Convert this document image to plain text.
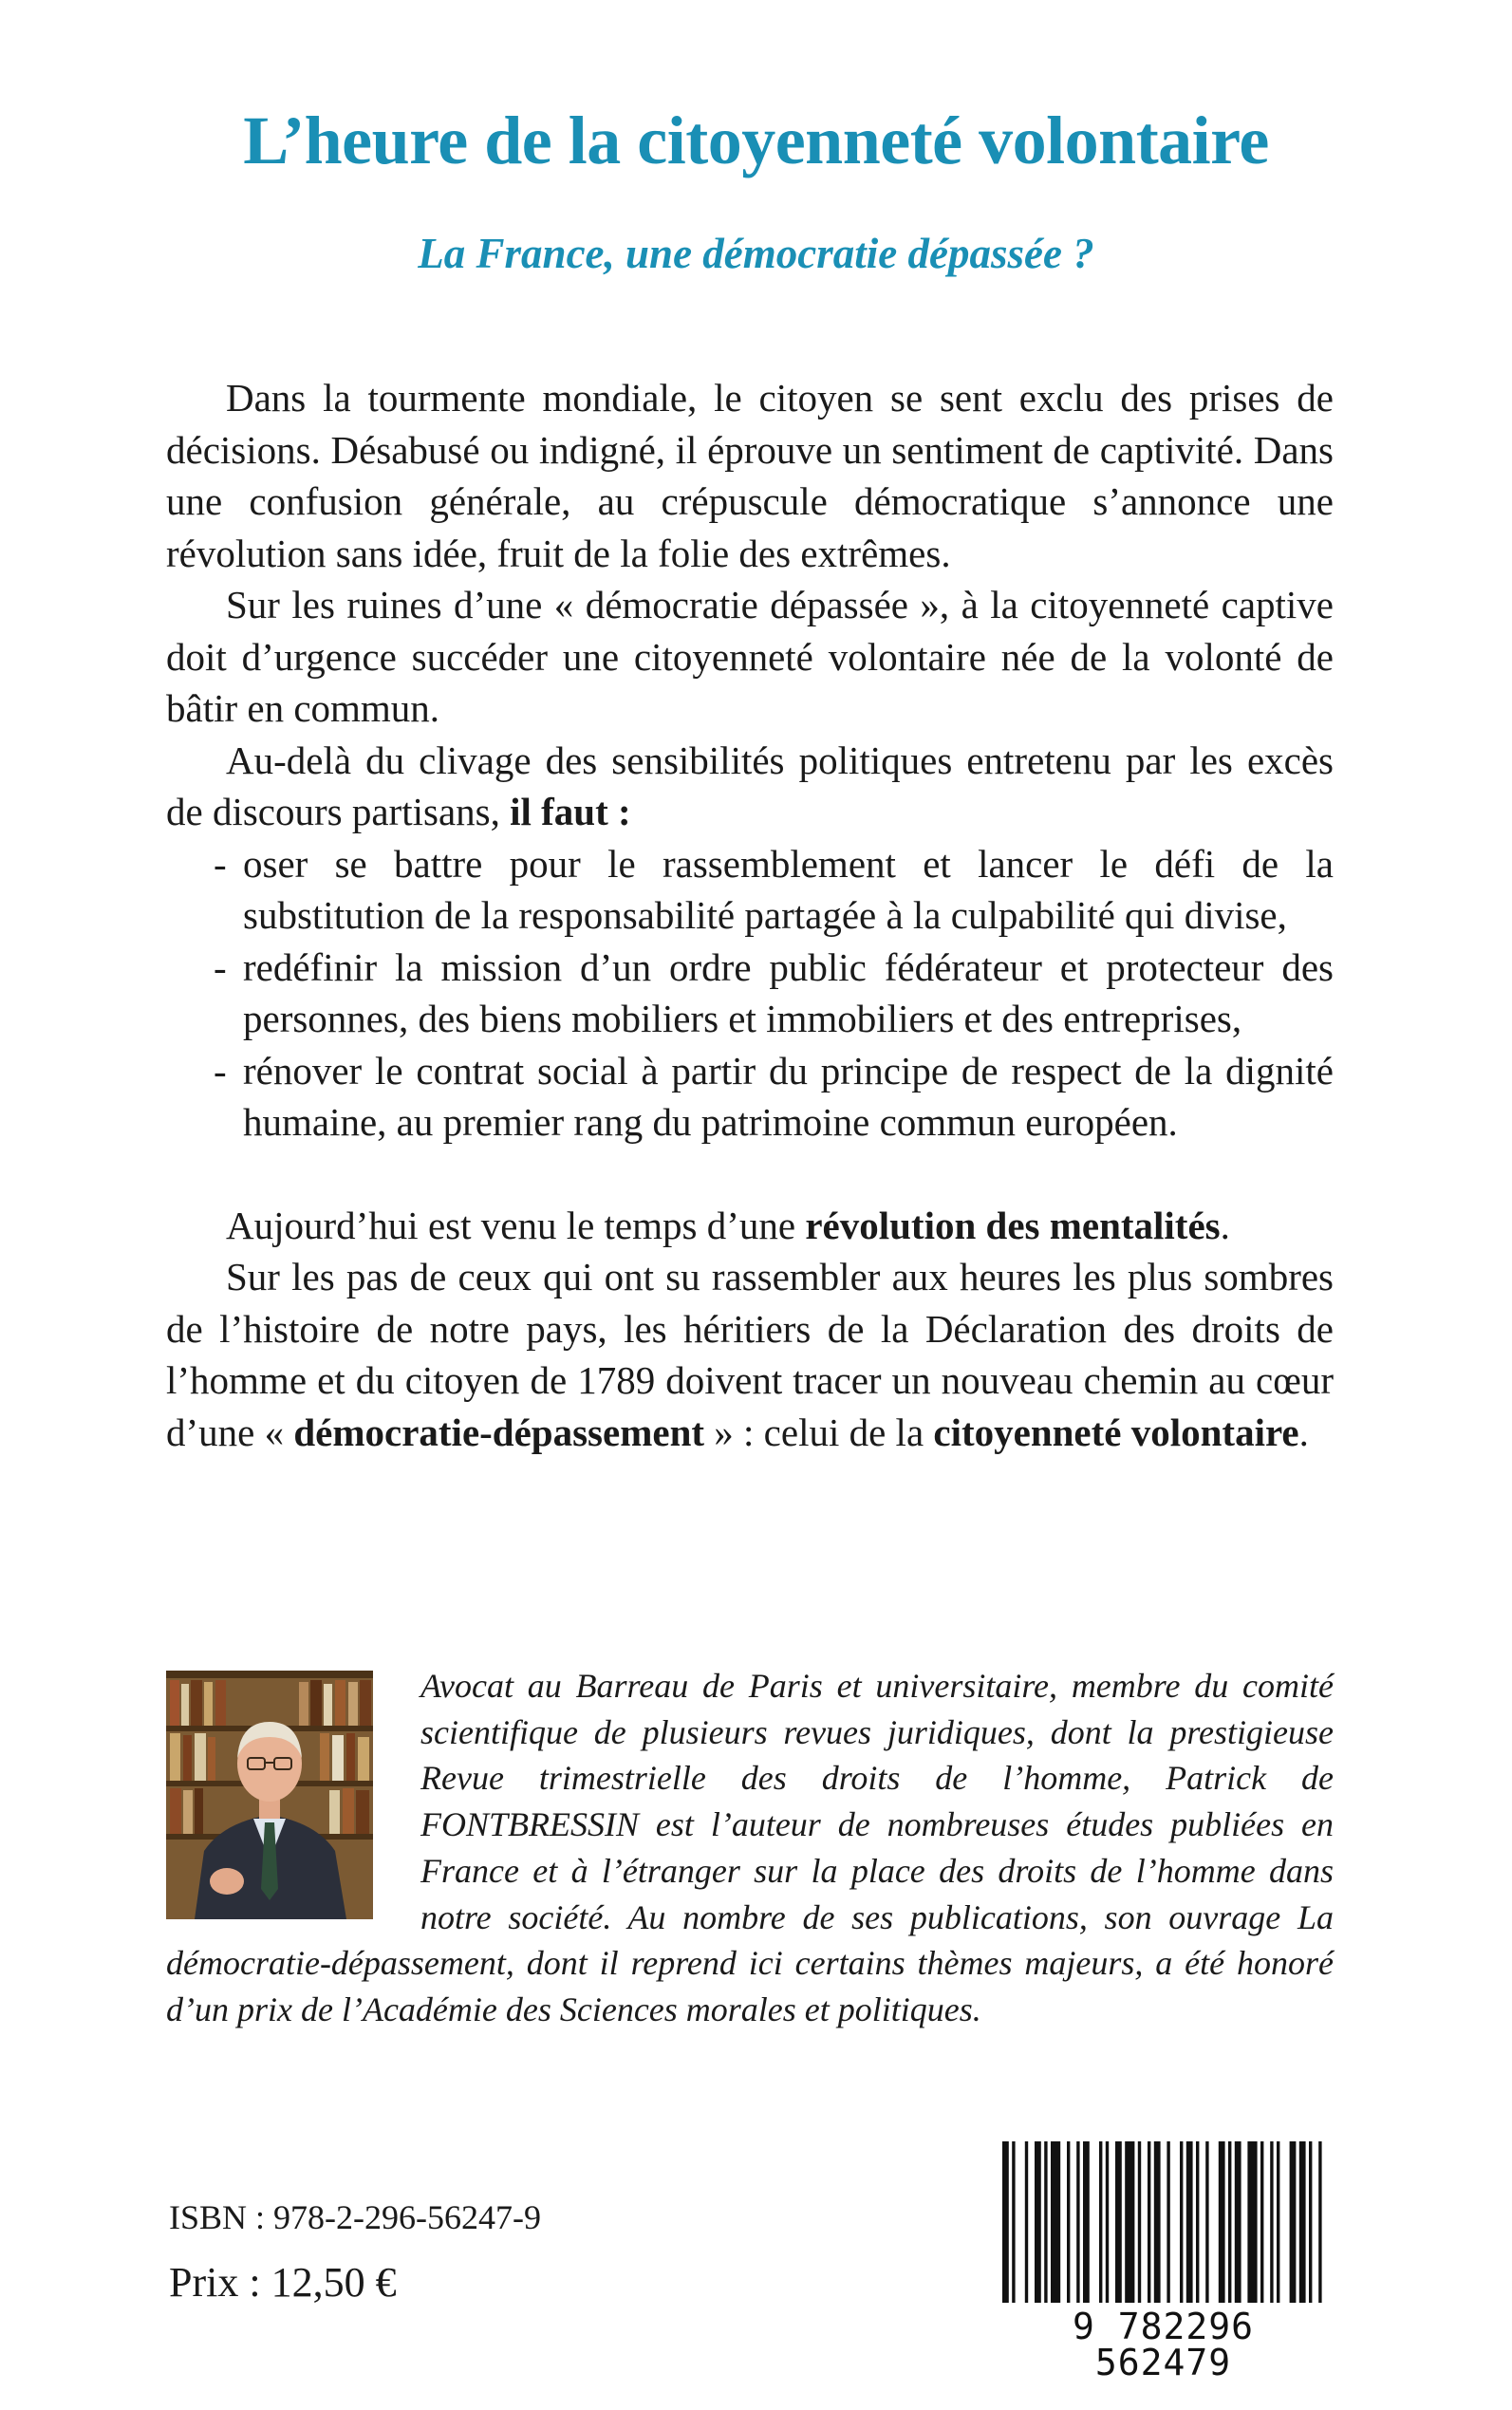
L’heure de la citoyenneté volontaire
La France, une démocratie dépassée ?

Dans la tourmente mondiale, le citoyen se sent exclu des prises de décisions. Désabusé ou indigné, il éprouve un sentiment de captivité. Dans une confusion générale, au crépuscule démocratique s’annonce une révolution sans idée, fruit de la folie des extrêmes.

Sur les ruines d’une « démocratie dépassée », à la citoyenneté captive doit d’urgence succéder une citoyenneté volontaire née de la volonté de bâtir en commun.

Au-delà du clivage des sensibilités politiques entretenu par les excès de discours partisans, il faut :

- oser se battre pour le rassemblement et lancer le défi de la substitution de la responsabilité partagée à la culpabilité qui divise,
- redéfinir la mission d’un ordre public fédérateur et protecteur des personnes, des biens mobiliers et immobiliers et des entreprises,
- rénover le contrat social à partir du principe de respect de la dignité humaine, au premier rang du patrimoine commun européen.

Aujourd’hui est venu le temps d’une révolution des mentalités.

Sur les pas de ceux qui ont su rassembler aux heures les plus sombres de l’histoire de notre pays, les héritiers de la Déclaration des droits de l’homme et du citoyen de 1789 doivent tracer un nouveau chemin au cœur d’une « démocratie-dépassement » : celui de la citoyenneté volontaire.

Avocat au Barreau de Paris et universitaire, membre du comité scientifique de plusieurs revues juridiques, dont la prestigieuse Revue trimestrielle des droits de l’homme, Patrick de FONTBRESSIN est l’auteur de nombreuses études publiées en France et à l’étranger sur la place des droits de l’homme dans notre société. Au nombre de ses publications, son ouvrage La démocratie-dépassement, dont il reprend ici certains thèmes majeurs, a été honoré d’un prix de l’Académie des Sciences morales et politiques.

ISBN : 978-2-296-56247-9
Prix : 12,50 €
9 782296 562479
